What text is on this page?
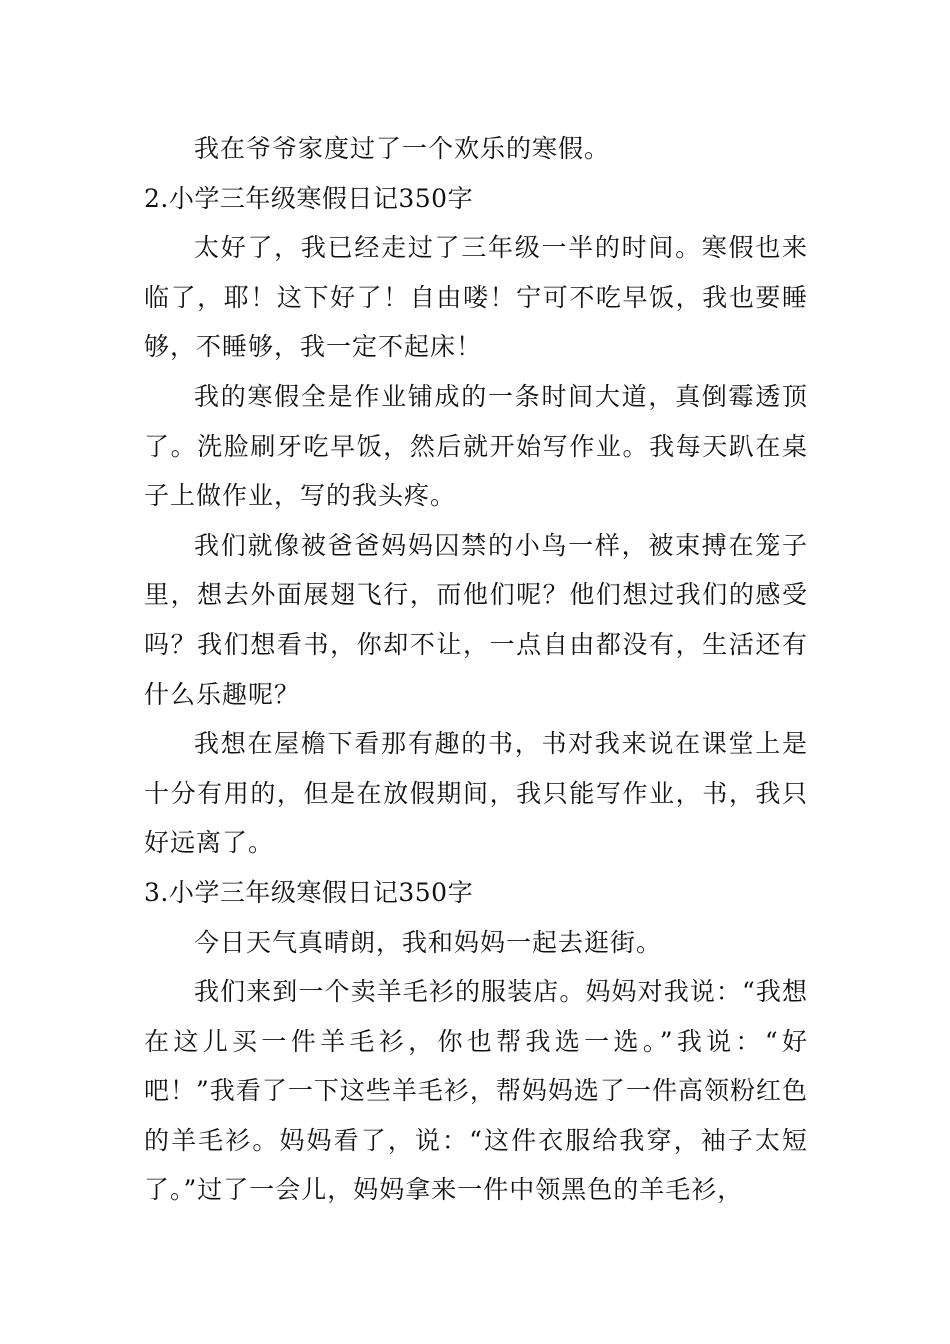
我在爷爷家度过了一个欢乐的寒假。

2.小学三年级寒假日记350字

太好了，我已经走过了三年级一半的时间。寒假也来临了，耶！这下好了！自由喽！宁可不吃早饭，我也要睡够，不睡够，我一定不起床！

我的寒假全是作业铺成的一条时间大道，真倒霉透顶了。洗脸刷牙吃早饭，然后就开始写作业。我每天趴在桌子上做作业，写的我头疼。

我们就像被爸爸妈妈囚禁的小鸟一样，被束搏在笼子里，想去外面展翅飞行，而他们呢？他们想过我们的感受吗？我们想看书，你却不让，一点自由都没有，生活还有什么乐趣呢？

我想在屋檐下看那有趣的书，书对我来说在课堂上是十分有用的，但是在放假期间，我只能写作业，书，我只好远离了。

3.小学三年级寒假日记350字

今日天气真晴朗，我和妈妈一起去逛街。

我们来到一个卖羊毛衫的服装店。妈妈对我说：“我想在这儿买一件羊毛衫，你也帮我选一选。”我说：“好吧！”我看了一下这些羊毛衫，帮妈妈选了一件高领粉红色的羊毛衫。妈妈看了，说：“这件衣服给我穿，袖子太短了。”过了一会儿，妈妈拿来一件中领黑色的羊毛衫，
